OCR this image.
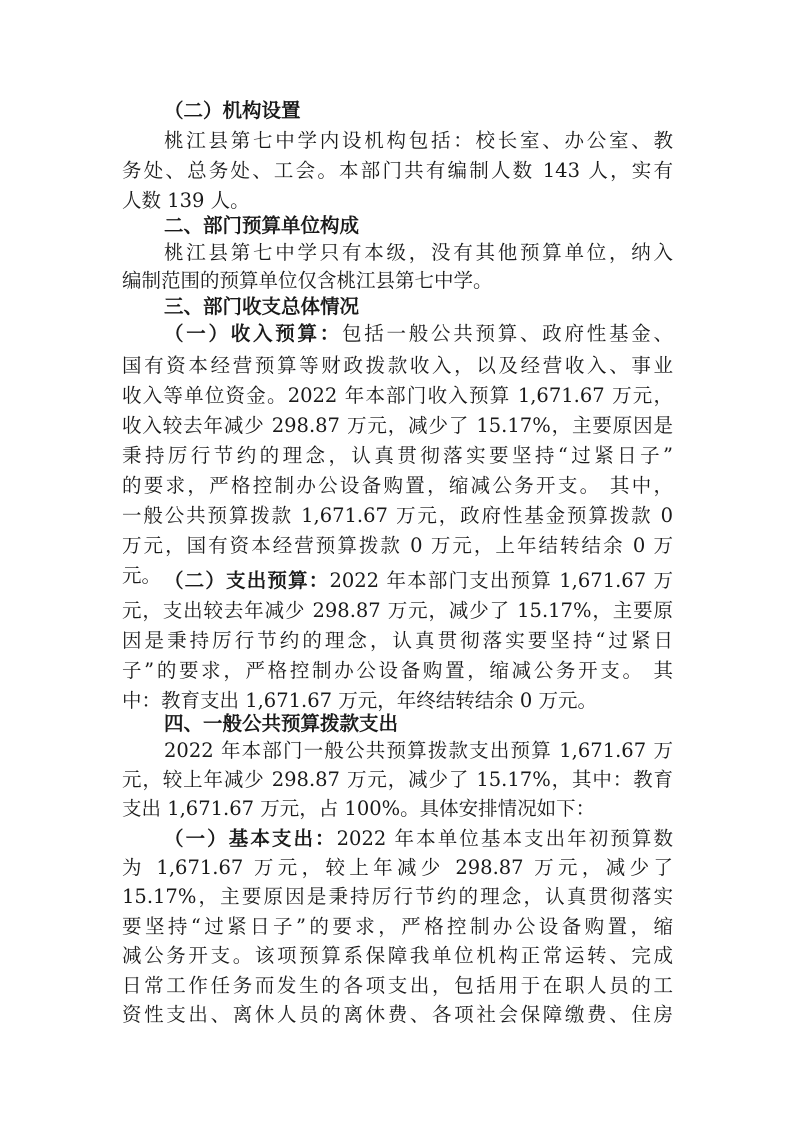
（二）机构设置
桃江县第七中学内设机构包括：校长室、办公室、教
务处、总务处、工会。本部门共有编制人数 143 人，实有
人数 139 人。
二、部门预算单位构成
桃江县第七中学只有本级，没有其他预算单位，纳入
编制范围的预算单位仅含桃江县第七中学。
三、部门收支总体情况
（一）收入预算：包括一般公共预算、政府性基金、
国有资本经营预算等财政拨款收入，以及经营收入、事业
收入等单位资金。2022 年本部门收入预算 1,671.67 万元，
收入较去年减少 298.87 万元，减少了 15.17%，主要原因是
秉持厉行节约的理念，认真贯彻落实要坚持“过紧日子”
的要求，严格控制办公设备购置，缩减公务开支。 其中，
一般公共预算拨款 1,671.67 万元，政府性基金预算拨款 0
万元，国有资本经营预算拨款 0 万元，上年结转结余 0 万
元。 （二）支出预算：2022 年本部门支出预算 1,671.67 万
元，支出较去年减少 298.87 万元，减少了 15.17%，主要原
因是秉持厉行节约的理念，认真贯彻落实要坚持“过紧日
子”的要求，严格控制办公设备购置，缩减公务开支。 其
中：教育支出 1,671.67 万元，年终结转结余 0 万元。
四、一般公共预算拨款支出
2022 年本部门一般公共预算拨款支出预算 1,671.67 万
元，较上年减少 298.87 万元，减少了 15.17%，其中：教育
支出 1,671.67 万元，占 100%。具体安排情况如下：
（一）基本支出：2022 年本单位基本支出年初预算数
为 1,671.67 万元，较上年减少 298.87 万元，减少了
15.17%，主要原因是秉持厉行节约的理念，认真贯彻落实
要坚持“过紧日子”的要求，严格控制办公设备购置，缩
减公务开支。该项预算系保障我单位机构正常运转、完成
日常工作任务而发生的各项支出，包括用于在职人员的工
资性支出、离休人员的离休费、各项社会保障缴费、住房
